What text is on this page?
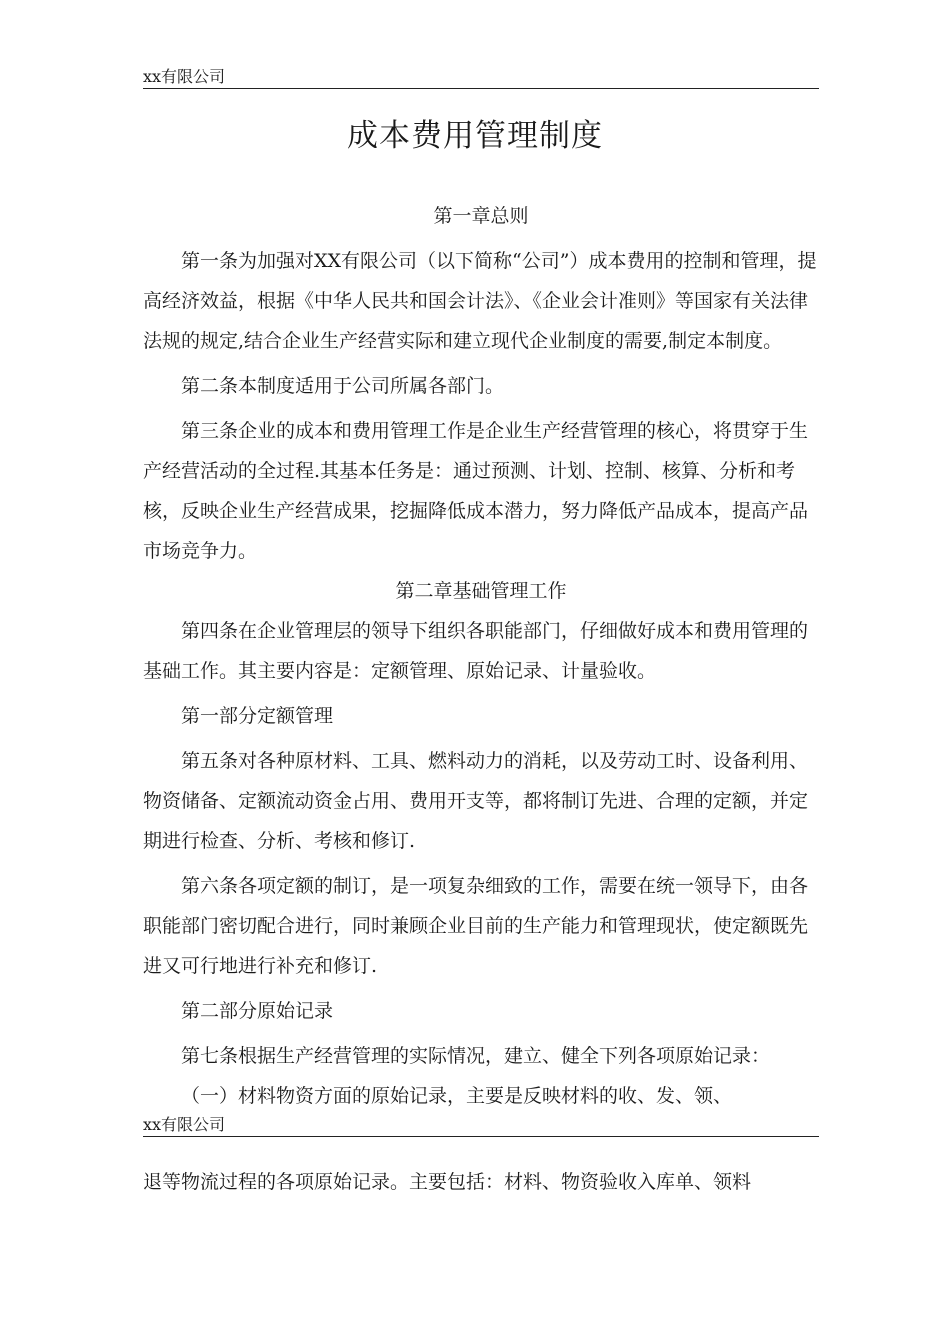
xx有限公司
成本费用管理制度

第一章总则

第一条为加强对XX有限公司（以下简称“公司”）成本费用的控制和管理，提高经济效益，根据《中华人民共和国会计法》、《企业会计准则》等国家有关法律法规的规定,结合企业生产经营实际和建立现代企业制度的需要,制定本制度。

第二条本制度适用于公司所属各部门。

第三条企业的成本和费用管理工作是企业生产经营管理的核心，将贯穿于生产经营活动的全过程.其基本任务是：通过预测、计划、控制、核算、分析和考核，反映企业生产经营成果，挖掘降低成本潜力，努力降低产品成本，提高产品市场竞争力。

第二章基础管理工作

第四条在企业管理层的领导下组织各职能部门，仔细做好成本和费用管理的基础工作。其主要内容是：定额管理、原始记录、计量验收。

第一部分定额管理

第五条对各种原材料、工具、燃料动力的消耗，以及劳动工时、设备利用、物资储备、定额流动资金占用、费用开支等，都将制订先进、合理的定额，并定期进行检查、分析、考核和修订.

第六条各项定额的制订，是一项复杂细致的工作，需要在统一领导下，由各职能部门密切配合进行，同时兼顾企业目前的生产能力和管理现状，使定额既先进又可行地进行补充和修订.

第二部分原始记录

第七条根据生产经营管理的实际情况，建立、健全下列各项原始记录：

（一）材料物资方面的原始记录，主要是反映材料的收、发、领、

xx有限公司

退等物流过程的各项原始记录。主要包括：材料、物资验收入库单、领料
